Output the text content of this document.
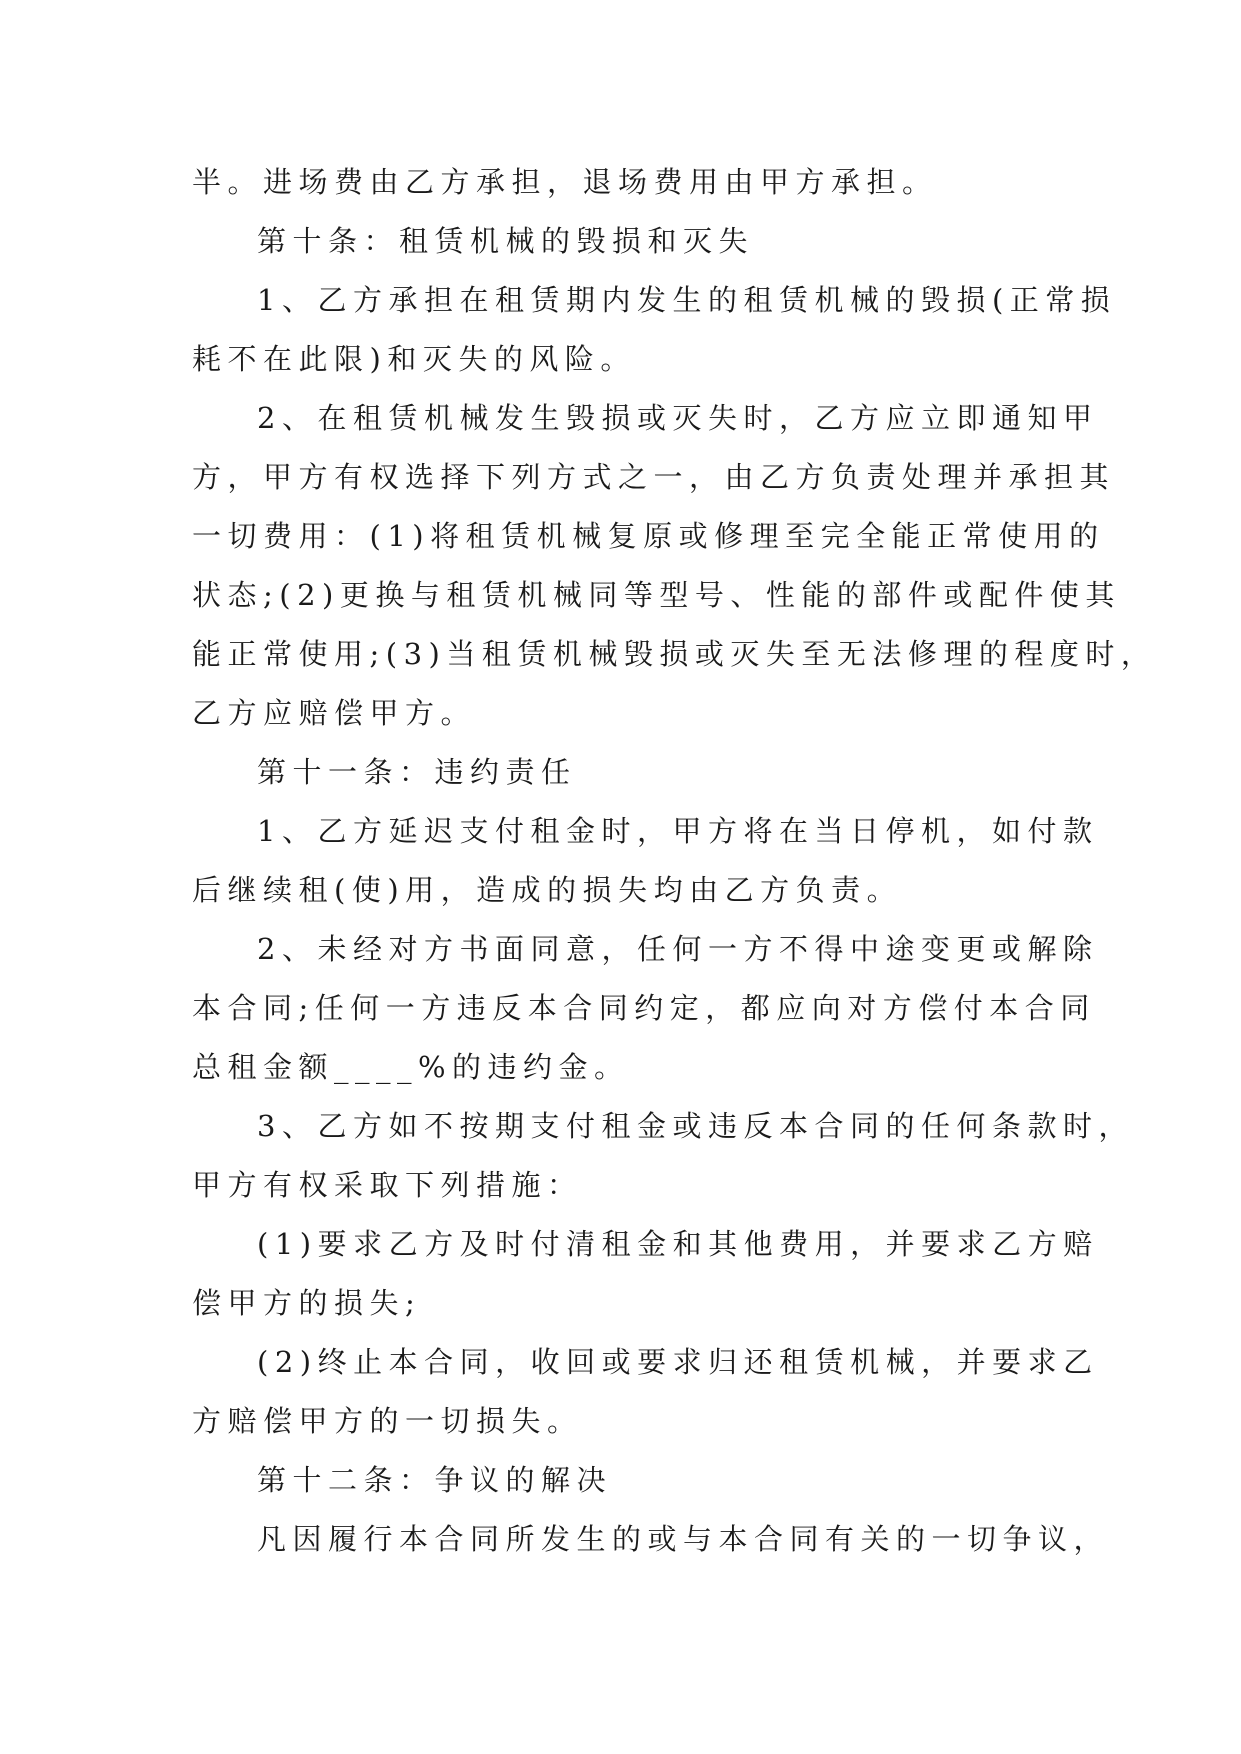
半。进场费由乙方承担，退场费用由甲方承担。
第十条：租赁机械的毁损和灭失
1、乙方承担在租赁期内发生的租赁机械的毁损(正常损
耗不在此限)和灭失的风险。
2、在租赁机械发生毁损或灭失时，乙方应立即通知甲
方，甲方有权选择下列方式之一，由乙方负责处理并承担其
一切费用：(1)将租赁机械复原或修理至完全能正常使用的
状态;(2)更换与租赁机械同等型号、性能的部件或配件使其
能正常使用;(3)当租赁机械毁损或灭失至无法修理的程度时，
乙方应赔偿甲方。
第十一条：违约责任
1、乙方延迟支付租金时，甲方将在当日停机，如付款
后继续租(使)用，造成的损失均由乙方负责。
2、未经对方书面同意，任何一方不得中途变更或解除
本合同;任何一方违反本合同约定，都应向对方偿付本合同
总租金额____%的违约金。
3、乙方如不按期支付租金或违反本合同的任何条款时，
甲方有权采取下列措施：
(1)要求乙方及时付清租金和其他费用，并要求乙方赔
偿甲方的损失;
(2)终止本合同，收回或要求归还租赁机械，并要求乙
方赔偿甲方的一切损失。
第十二条：争议的解决
凡因履行本合同所发生的或与本合同有关的一切争议，
